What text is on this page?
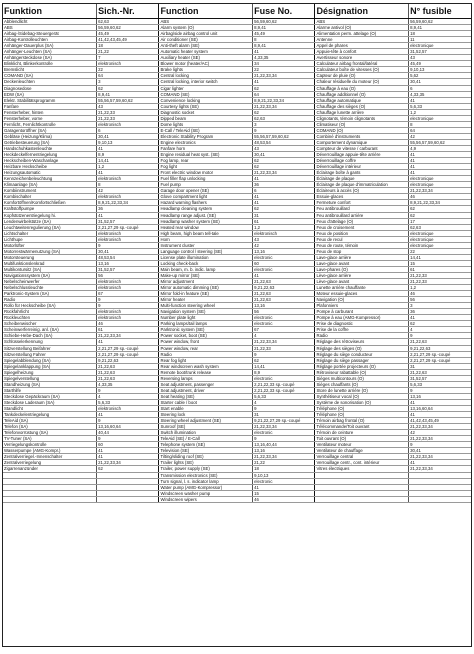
Funktion	Sich.-Nr.	Function	Fuse No.	Désignation	N° fusible
Abblendlicht	62,63	ABS	56,59,60,62	ABS	56,59,60,62
ABS	56,59,60,62	Alarm system (O)	8,9,41	Alarme antivol (O)	8,9,41
Airbag-/Sidebag-Steuergerät	45,49	Airbag/side airbag control unit	45,49	Alimentation perm. attelage (O)	18
Airbag-Kontrolleuchten	41,42,43,45,49	Air conditioner (SE)	8	Antenne	11
Anhänger-Dauerplus (SA)	18	Anti-theft alarm (SE)	8,9,41	Appel de phares	electronique
Anhänger-Leuchten (SA)	21,22	Automatic heater system	41	Appuie-tête à confort	31,52,57
Anhängersteckdose (SA)	7	Auxiliary heater (SE)	4,33,35	Avertisseur sonore	43
Blinklicht, Blinkerkontrolle	elektronisch	Blower motor (heater/AC)	34	Calculateur airbag frontal/latéral	45,49
Bremslicht	22	Brake lights	22	Calculateur boîte de vitesses (O)	9,10,13
COMAND (SA)	64	Central locking	21,22,33,34	Capteur de pluie (O)	5,62
Deckenleuchten	3	Central locking, interior switch	41	Chaleur résiduelle du moteur (O)	30,41
Diagnosedose	62	Cigar lighter	62	Chauffage à eau (O)	6
EDW (SA)	8,9,41	COMAND (SE)	64	Chauffage additionnel (O)	4,33,35
Elektr. Stabilitätsprogramm	55,56,57,59,60,62	Convenience locking	8,9,21,22,33,34	Chauffage automatique	41
Fanfare	43	Courtesy lights (SE)	21,22,33,34	Chauffage des sièges (O)	5,6,33
Fensterheber, hinten	21,22,33	Diagnostic socket	62	Chauffage lunette arrière	1,2
Fensterheber, vorne	21,22,33	Dipped beam	62,63	Clignotants, témoin clignotants	electronique
Fernlicht, Fernlichtkontrolle	elektronisch	Dome lights	3	Climatiseur (O)	8
Garagentoröffner (SA)	6	E-Call / TeleAid (SE)	9	COMAND (O)	64
Gebläse (Heizung/Klima)	30,41	Electronic Stability Program	55,56,57,59,60,62	Combiné d'instruments	42
Getriebesteuerung (SA)	9,10,13	Engine electronics	48,53,54	Comportement dynamique	55,56,57,59,60,62
Handschuhkastenleuchte	41	Fanfare horn	43	Compteur de vitesse / carburant	4,9
Heckdeckelfernentriegelung	8,9	Engine residual heat syst. (SE)	30,41	Déverrouillage appuie-tête arrière	41
Heckscheiben-Waschanlage	14,41	Fog lamp, rear	62	Déverrouillage coffre	41
Heizbare Heckscheibe	1,2	Fog light	62	Déverrouillage intérieur	41
Heizungsautomatic	41	Front electric window motor	21,22,33,34	Éclairage boîte à gants	41
Kennzeichenbeleuchtung	elektronisch	Fuel filler flap unlocking	41	Éclairage de plaque	electronique
Klimaanlage (SA)	8	Fuel pump	36	Éclairage de plaque d'immatriculation	electronique
Kombiinstrument	42	Garage door opener (SE)	6	Éclaireurs à accès (O)	21,22,33,34
Kombischalter	elektronisch	Glove compartment light	41	Essuie-glaces	46
Komfortöffnen/Komfortschließen	8,9,21,22,33,34	Hazard warning flashers	41	Fermeture confort	8,9,21,22,33,34
Kraftstoffpumpe	36	Headlamp cleaning system	62	Feu antibrouillard	62
Kopfstützenentriegelung hi.	41	Headlamp range adjust. (SE)	31	Feu antibrouillard arrière	62
Lendenwirbelstütze (SA)	31,52,57	Headlamp washer system (SE)	61	Feux d'attelage (O)	17
Leuchtweitenregulierung (SA)	2,21,27,29 sp.-coupé	Heated rear window	1,2	Feux de croisement	62,63
Lichtschalter	elektronisch	High beam, high beam tell-tale	elektronisch	Feux de position	electronique
Lichthupe	elektronisch	Horn	43	Feux de recul	electronique
Motorlüfter	9	Instrument cluster	42	Feux de route, témoin	electronique
Motorrestwärmenutzung (SA)	30,41	Language control / steering (SE)	13,16	Feux de stop	22
Motorsteuerung	48,53,54	License plate illumination	electronic	Lave-glace arrière	14,41
Multifunktionslenkrad	13,16	Locking check-back	60	Lave-glace avant	15
Multikontursitz (SA)	31,52,57	Main beam, m. b. indic. lamp	electronic	Lave-phares (O)	61
Navigationssystem (SA)	56	Make-up mirror (SE)	41	Lève-glace arrière	21,22,33
Nebelscheinwerfer	elektronisch	Mirror adjustment	21,22,63	Lève-glace avant	21,22,33
Nebelschlussleuchte	elektronisch	Mirror automatic dimming (SE)	9,21,22,63	Lunette arrière chauffante	1,2
Parktronic-System (SA)	67	Mirror fold-in feature (SE)	21,22,63	Moteur essuie-glaces	46
Radio	9	Mirror heater	21,22,63	Navigation (O)	56
Rollo für Heckscheibe (SA)	9	Multi-function steering wheel	13,16	Plafonniers	3
Rückfahrlicht	elektronisch	Navigation system (SE)	56	Pompe à carburant	36
Rückleuchten	elektronisch	Number plate light	electronic	Pompe à eau (AMG-Kompressor)	41
Scheibenwischer	46	Parking lamps/tail lamps	electronic	Prise de diagnostic	62
Scheinwerferreinig. anl. (SA)	61	Parktronic system (SE)	67	Prise de la coffre	4
Schiebe-Hebe-Dach (SA)	21,22,33,34	Power socket, boot (SE)	4	Radio	9
Schlüsselerkennung	41	Power window, front	21,22,33,34	Réglage des rétroviseurs	21,22,63
Sitzverstellung Beifahrer	2,21,27,29 sp.-coupé	Power window, rear	21,22,33	Réglage des sièges (O)	9,21,22,63
Sitzverstellung Fahrer	2,21,27,29 sp.-coupé	Radio	9	Réglage du siège conducteur	2,21,27,29 sp.-coupé
Spiegelabblendung (SA)	9,21,22,63	Rear fog light	62	Réglage du siège passager	2,21,27,29 sp.-coupé
Spiegelanklappung (SA)	21,22,63	Rear windscreen wash system	14,41	Réglage portée projecteurs (O)	31
Spiegelheizung	21,22,63	Remote boot/trunk release	8,9	Rétroviseur rabattable (O)	21,22,63
Spiegelverstellung	21,22,63	Reversing lamps	electronic	Sièges multicontours (O)	31,52,57
Standheizung (SA)	4,33,35	Seat adjustment, passenger	2,21,22,33 sp.-coupé	Sièges chauffants (O)	5,6,33
Starthilfe	9	Seat adjustment, driver	2,21,22,33 sp.-coupé	Store de lunette arrière (O)	9
Steckdose Gepäckraum (SA)	4	Seat heating (SE)	5,6,33	Synthétiseur vocal (O)	13,16
Steckdose Laderaum (SA)	5,6,33	Starter cable / boot	4	Système de sonorisation (O)	41
Standlicht	elektronisch	Start enable	9	Téléphone (O)	13,16,60,64
Tankdeckelentriegelung	41	Steering lock	31	Téléphone (O)	41
TeleAid (SA)	9	Steering wheel adjustment (SE)	9,21,22,27,29 sp.-coupé	Témoin airbag frontal (O)	41,42,43,45,49
Telefon (SA)	13,16,60,64	Sunroof (SE)	21,22,33,34	Télécommande/Toit ouvrant	21,22,33,34
Telefonvorrüstung (SA)	40,44	Switch illumination	electronic	Témoin de ceinture	42
TV-Tuner (SA)	9	TeleAid (SE) / E-Call	9	Toit ouvrant (O)	21,22,33,34
Verriegelungskontrolle	60	Telephone system (SE)	13,16,40,44	Ventilateur moteur	9
Wasserpumpe (AMG-Kompr.)	41	Television (SE)	13,16	Ventilateur de chauffage	30,41
Zentralverriegel.-Innenschalter	41	Tilting/sliding roof (SE)	21,22,33,34	Verrouillage central	21,22,33,34
Zentralverriegelung	21,22,33,34	Trailer lights (SE)	21,22	Verrouillage centr., cont. intérieur	41
Zigarrenanzünder	62	Trailer, power supply (SE)	18	Vitres électriques	21,22,33,34
		Transmission electronics (SE)	9,10,13		
		Turn signal, l. s. indicator lamp	electronic		
		Water pump (AMG-Kompressor)	41		
		Windscreen washer pump	15		
		Windscreen wipers	46		
